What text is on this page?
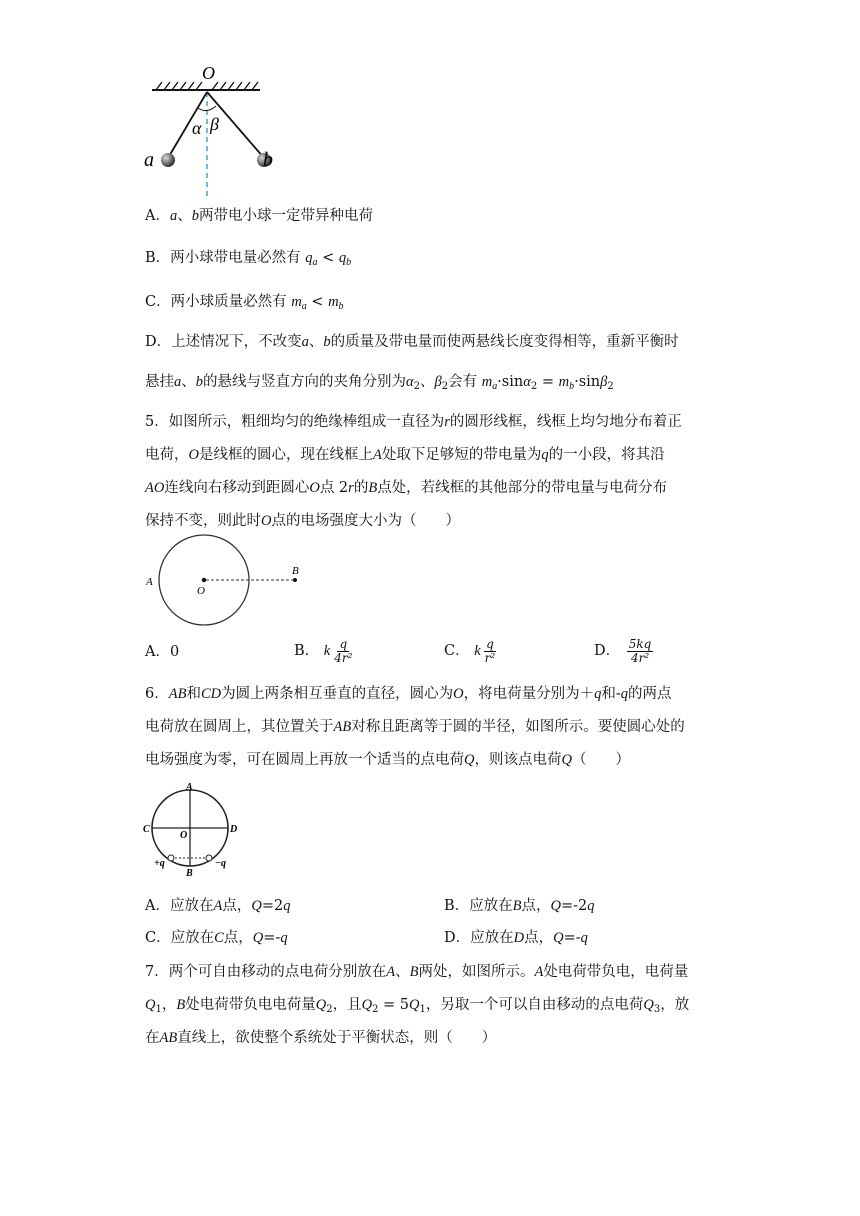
O
α β
a	b
A．a、b两带电小球一定带异种电荷
B．两小球带电量必然有 $q_a < q_b$
C．两小球质量必然有 $m_a < m_b$
D．上述情况下，不改变a、b的质量及带电量而使两悬线长度变得相等，重新平衡时
悬挂a、b的悬线与竖直方向的夹角分别为$\alpha_2$、$\beta_2$会有 $m_a\cdot\sin\alpha_2 = m_b\cdot\sin\beta_2$
5．如图所示，粗细均匀的绝缘棒组成一直径为r的圆形线框，线框上均匀地分布着正
电荷，O是线框的圆心，现在线框上A处取下足够短的带电量为q的一小段，将其沿
AO连线向右移动到距圆心O点 2r的B点处，若线框的其他部分的带电量与电荷分布
保持不变，则此时O点的电场强度大小为（　　）
A
O
B
A．0	B． k $\frac{q}{\text{4r²}}$	C． k $\frac{q}{\text{r²}}$	D． $\frac{5kq}{\text{4r²}}$
6．AB和CD为圆上两条相互垂直的直径，圆心为O，将电荷量分别为＋q和-q的两点
电荷放在圆周上，其位置关于AB对称且距离等于圆的半径，如图所示。要使圆心处的
电场强度为零，可在圆周上再放一个适当的点电荷Q，则该点电荷Q（　　）
A
C	D
O
B
+q	−q
A．应放在A点，Q=2q	B．应放在B点，Q=-2q
C．应放在C点，Q=-q	D．应放在D点，Q=-q
7．两个可自由移动的点电荷分别放在A、B两处，如图所示。A处电荷带负电，电荷量
$Q_1$，B处电荷带负电电荷量$Q_2$，且$Q_2 = 5Q_1$，另取一个可以自由移动的点电荷$Q_3$，放
在AB直线上，欲使整个系统处于平衡状态，则（　　）
